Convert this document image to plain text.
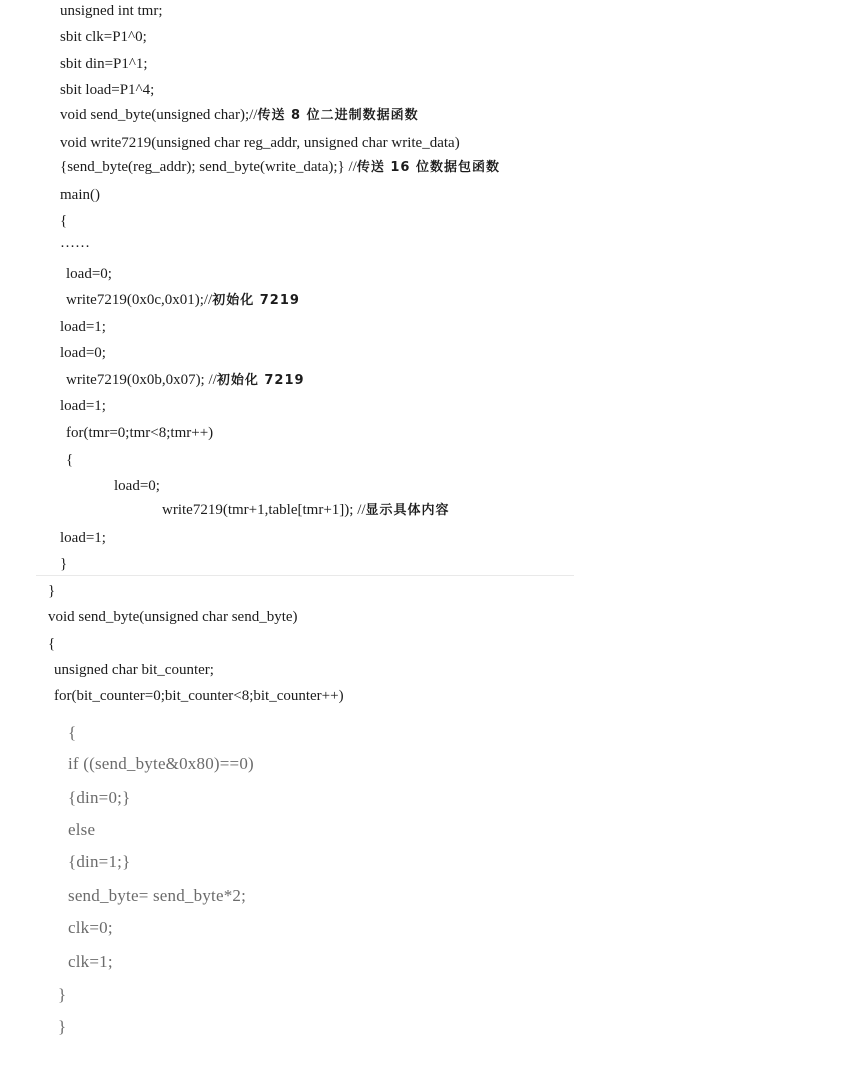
unsigned int tmr;
sbit clk=P1^0;
sbit din=P1^1;
sbit load=P1^4;
void send_byte(unsigned char);//传送 8 位二进制数据函数
void write7219(unsigned char reg_addr, unsigned char write_data)
{send_byte(reg_addr); send_byte(write_data);} //传送 16 位数据包函数
main()
{
……
load=0;
write7219(0x0c,0x01);//初始化 7219
load=1;
load=0;
write7219(0x0b,0x07); //初始化 7219
load=1;
for(tmr=0;tmr<8;tmr++)
{
load=0;
write7219(tmr+1,table[tmr+1]); //显示具体内容
load=1;
}
}
void send_byte(unsigned char send_byte)
{
unsigned char bit_counter;
for(bit_counter=0;bit_counter<8;bit_counter++)
{
if ((send_byte&0x80)==0)
{din=0;}
else
{din=1;}
send_byte= send_byte*2;
clk=0;
clk=1;
}
}
